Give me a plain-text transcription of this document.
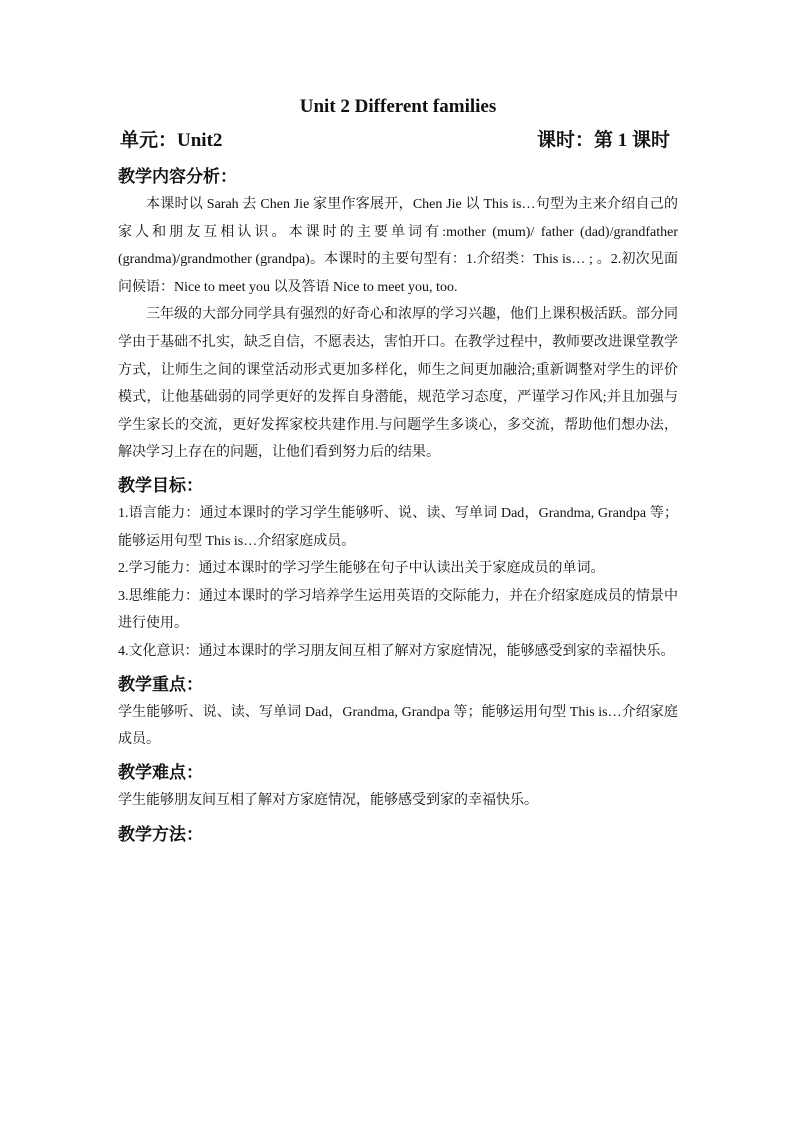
Unit 2 Different families
单元：Unit2	课时：第 1 课时
教学内容分析：

本课时以 Sarah 去 Chen Jie 家里作客展开，Chen Jie 以 This is…句型为主来介绍自己的家人和朋友互相认识。本课时的主要单词有:mother (mum)/ father (dad)/grandfather (grandma)/grandmother (grandpa)。本课时的主要句型有：1.介绍类：This is… ; 。2.初次见面问候语：Nice to meet you 以及答语 Nice to meet you, too.

三年级的大部分同学具有强烈的好奇心和浓厚的学习兴趣，他们上课积极活跃。部分同学由于基础不扎实，缺乏自信，不愿表达，害怕开口。在教学过程中，教师要改进课堂教学方式，让师生之间的课堂活动形式更加多样化，师生之间更加融洽;重新调整对学生的评价模式，让他基础弱的同学更好的发挥自身潜能，规范学习态度，严谨学习作风;并且加强与学生家长的交流，更好发挥家校共建作用.与问题学生多谈心，多交流，帮助他们想办法，解决学习上存在的问题，让他们看到努力后的结果。

教学目标：

1.语言能力：通过本课时的学习学生能够听、说、读、写单词 Dad，Grandma, Grandpa 等；能够运用句型 This is…介绍家庭成员。

2.学习能力：通过本课时的学习学生能够在句子中认读出关于家庭成员的单词。

3.思维能力：通过本课时的学习培养学生运用英语的交际能力，并在介绍家庭成员的情景中进行使用。

4.文化意识：通过本课时的学习朋友间互相了解对方家庭情况，能够感受到家的幸福快乐。

教学重点：

学生能够听、说、读、写单词 Dad，Grandma, Grandpa 等；能够运用句型 This is…介绍家庭成员。

教学难点：

学生能够朋友间互相了解对方家庭情况，能够感受到家的幸福快乐。

教学方法：
